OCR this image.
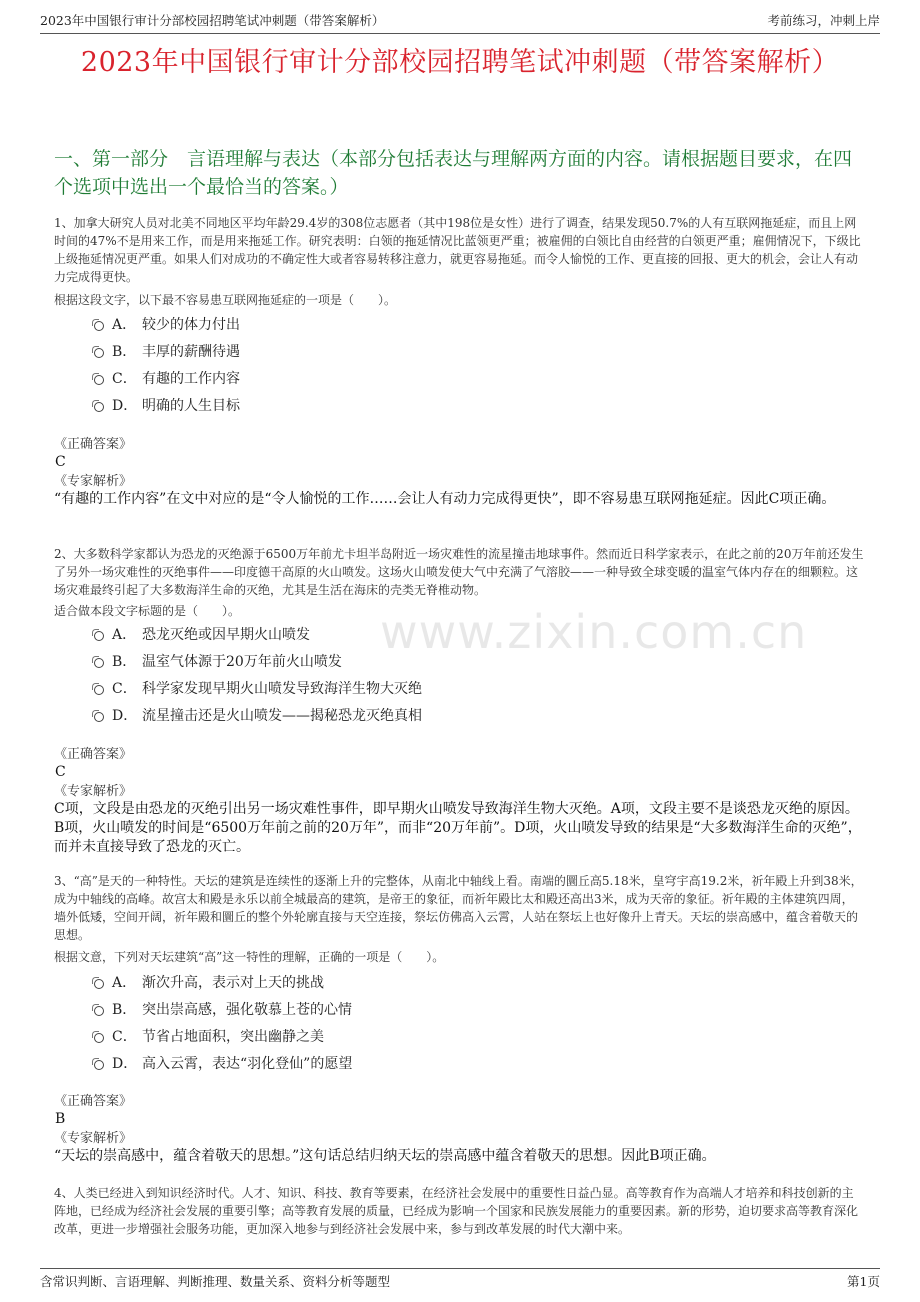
2023年中国银行审计分部校园招聘笔试冲刺题（带答案解析）	考前练习，冲刺上岸
2023年中国银行审计分部校园招聘笔试冲刺题（带答案解析）
一、第一部分　言语理解与表达（本部分包括表达与理解两方面的内容。请根据题目要求，在四个选项中选出一个最恰当的答案。）
www.zixin.com.cn
1、加拿大研究人员对北美不同地区平均年龄29.4岁的308位志愿者（其中198位是女性）进行了调查，结果发现50.7%的人有互联网拖延症，而且上网时间的47%不是用来工作，而是用来拖延工作。研究表明：白领的拖延情况比蓝领更严重；被雇佣的白领比自由经营的白领更严重；雇佣情况下，下级比上级拖延情况更严重。如果人们对成功的不确定性大或者容易转移注意力，就更容易拖延。而令人愉悦的工作、更直接的回报、更大的机会，会让人有动力完成得更快。
根据这段文字，以下最不容易患互联网拖延症的一项是（　　）。
A． 较少的体力付出
B． 丰厚的薪酬待遇
C． 有趣的工作内容
D． 明确的人生目标
《正确答案》
C
《专家解析》
“有趣的工作内容”在文中对应的是“令人愉悦的工作……会让人有动力完成得更快”，即不容易患互联网拖延症。因此C项正确。
2、大多数科学家都认为恐龙的灭绝源于6500万年前尤卡坦半岛附近一场灾难性的流星撞击地球事件。然而近日科学家表示，在此之前的20万年前还发生了另外一场灾难性的灭绝事件——印度德干高原的火山喷发。这场火山喷发使大气中充满了气溶胶——一种导致全球变暖的温室气体内存在的细颗粒。这场灾难最终引起了大多数海洋生命的灭绝，尤其是生活在海床的壳类无脊椎动物。
适合做本段文字标题的是（　　）。
A． 恐龙灭绝或因早期火山喷发
B． 温室气体源于20万年前火山喷发
C． 科学家发现早期火山喷发导致海洋生物大灭绝
D． 流星撞击还是火山喷发——揭秘恐龙灭绝真相
《正确答案》
C
《专家解析》
C项，文段是由恐龙的灭绝引出另一场灾难性事件，即早期火山喷发导致海洋生物大灭绝。A项，文段主要不是谈恐龙灭绝的原因。B项，火山喷发的时间是“6500万年前之前的20万年”，而非“20万年前”。D项，火山喷发导致的结果是“大多数海洋生命的灭绝”，而并未直接导致了恐龙的灭亡。
3、“高”是天的一种特性。天坛的建筑是连续性的逐渐上升的完整体，从南北中轴线上看。南端的圜丘高5.18米，皇穹宇高19.2米，祈年殿上升到38米，成为中轴线的高峰。故宫太和殿是永乐以前全城最高的建筑，是帝王的象征，而祈年殿比太和殿还高出3米，成为天帝的象征。祈年殿的主体建筑四周，墙外低矮，空间开阔，祈年殿和圜丘的整个外轮廓直接与天空连接，祭坛仿佛高入云霄，人站在祭坛上也好像升上青天。天坛的崇高感中，蕴含着敬天的思想。
根据文意，下列对天坛建筑“高”这一特性的理解，正确的一项是（　　）。
A． 渐次升高，表示对上天的挑战
B． 突出崇高感，强化敬慕上苍的心情
C． 节省占地面积，突出幽静之美
D． 高入云霄，表达“羽化登仙”的愿望
《正确答案》
B
《专家解析》
“天坛的崇高感中，蕴含着敬天的思想。”这句话总结归纳天坛的崇高感中蕴含着敬天的思想。因此B项正确。
4、人类已经进入到知识经济时代。人才、知识、科技、教育等要素，在经济社会发展中的重要性日益凸显。高等教育作为高端人才培养和科技创新的主阵地，已经成为经济社会发展的重要引擎；高等教育发展的质量，已经成为影响一个国家和民族发展能力的重要因素。新的形势，迫切要求高等教育深化改革，更进一步增强社会服务功能，更加深入地参与到经济社会发展中来，参与到改革发展的时代大潮中来。
含常识判断、言语理解、判断推理、数量关系、资料分析等题型	第1页
